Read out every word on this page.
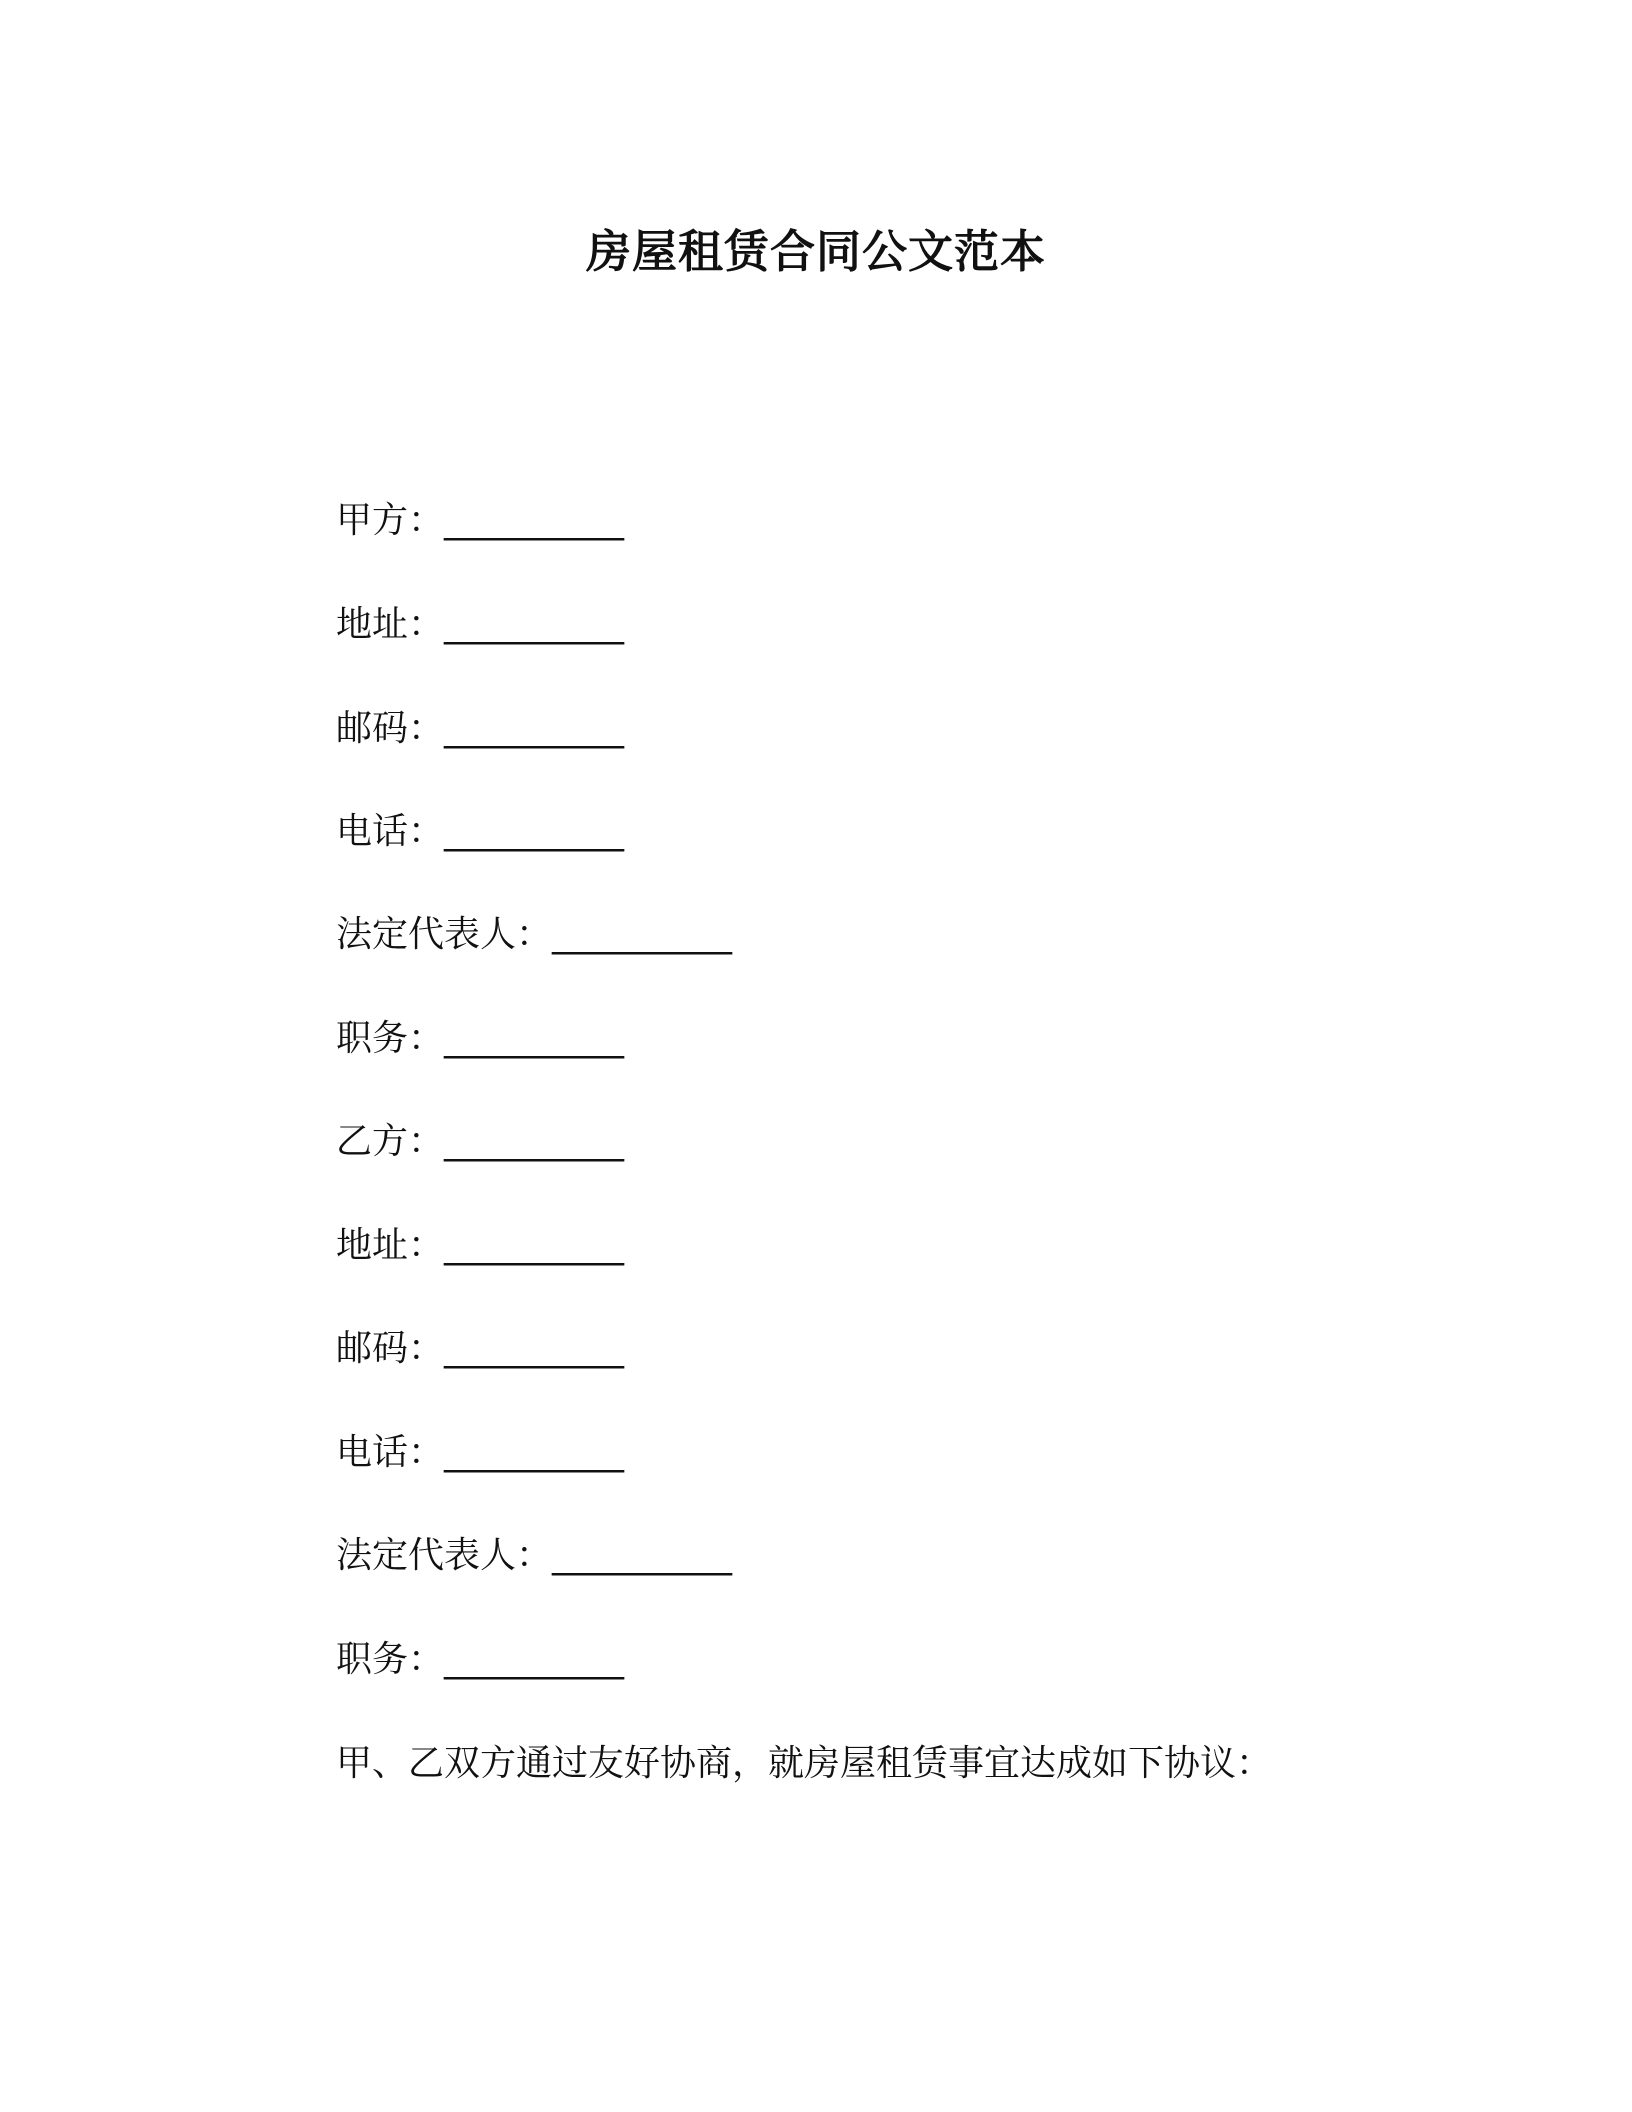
房屋租赁合同公文范本
甲方：__________
地址：__________
邮码：__________
电话：__________
法定代表人：__________
职务：__________
乙方：__________
地址：__________
邮码：__________
电话：__________
法定代表人：__________
职务：__________
甲、乙双方通过友好协商，就房屋租赁事宜达成如下协议：
